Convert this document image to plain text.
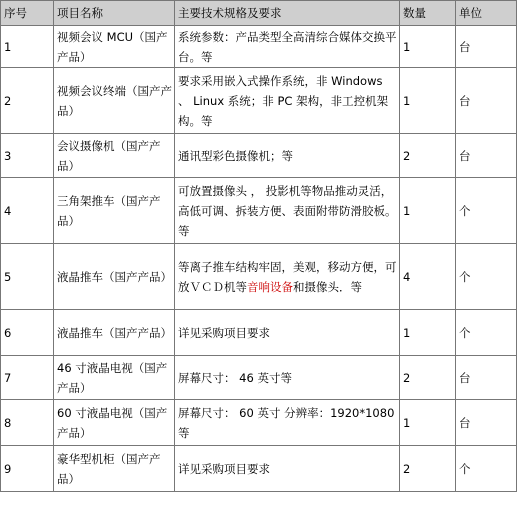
序号	项目名称	主要技术规格及要求	数量	单位
1	视频会议 MCU（国产产品）	系统参数：产品类型全高清综合媒体交换平台。等	1	台
2	视频会议终端（国产产品）	要求采用嵌入式操作系统，非 Windows 、 Linux 系统；非 PC 架构，非工控机架构。等	1	台
3	会议摄像机（国产产品）	通讯型彩色摄像机；等	2	台
4	三角架推车（国产产品）	可放置摄像头 ， 投影机等物品推动灵活，高低可调、拆装方便、表面附带防滑胶板。等	1	个
5	液晶推车（国产产品）	等离子推车结构牢固，美观，移动方便，可放ＶＣＤ机等音响设备和摄像头．等	4	个
6	液晶推车（国产产品）	详见采购项目要求	1	个
7	46 寸液晶电视（国产产品）	屏幕尺寸： 46 英寸等	2	台
8	60 寸液晶电视（国产产品）	屏幕尺寸： 60 英寸 分辨率：1920*1080 等	1	台
9	豪华型机柜（国产产品）	详见采购项目要求	2	个
